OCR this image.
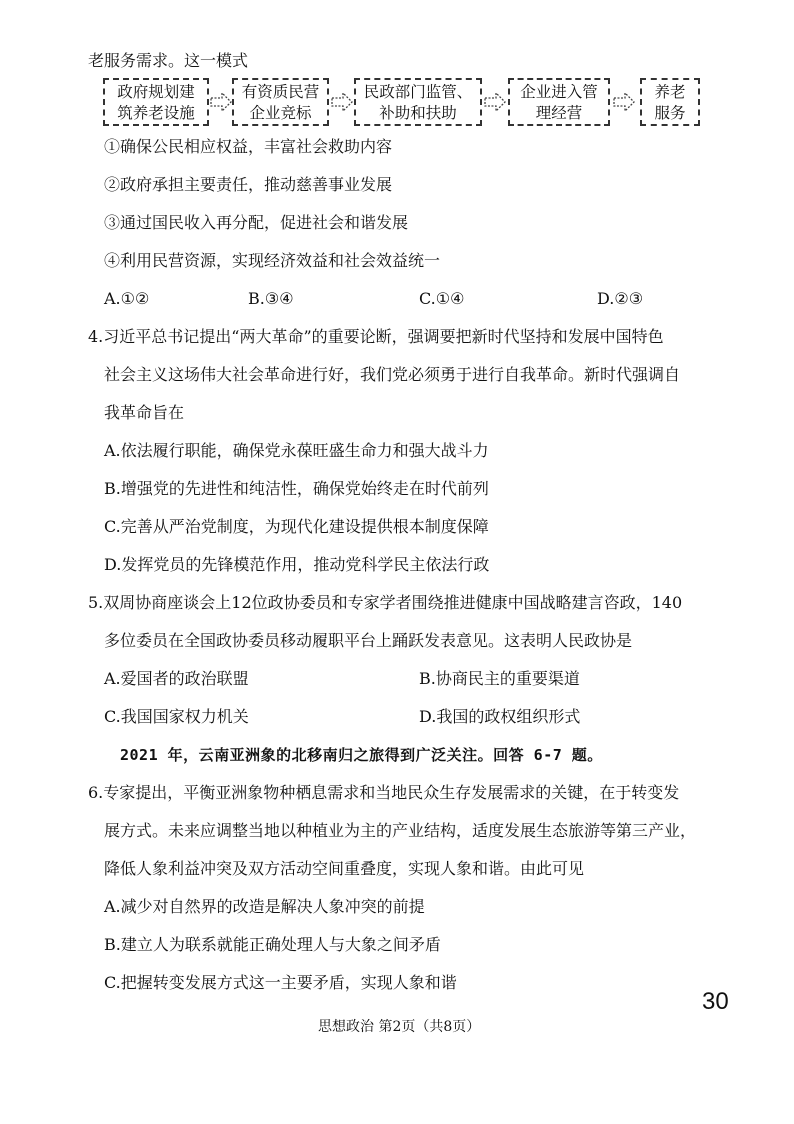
老服务需求。这一模式
政府规划建
筑养老设施
有资质民营
企业竞标
民政部门监管、
补助和扶助
企业进入管
理经营
养老
服务
①确保公民相应权益，丰富社会救助内容
②政府承担主要责任，推动慈善事业发展
③通过国民收入再分配，促进社会和谐发展
④利用民营资源，实现经济效益和社会效益统一
A.①②	B.③④	C.①④	D.②③
4.习近平总书记提出“两大革命”的重要论断，强调要把新时代坚持和发展中国特色
社会主义这场伟大社会革命进行好，我们党必须勇于进行自我革命。新时代强调自
我革命旨在
A.依法履行职能，确保党永葆旺盛生命力和强大战斗力
B.增强党的先进性和纯洁性，确保党始终走在时代前列
C.完善从严治党制度，为现代化建设提供根本制度保障
D.发挥党员的先锋模范作用，推动党科学民主依法行政
5.双周协商座谈会上12位政协委员和专家学者围绕推进健康中国战略建言咨政，140
多位委员在全国政协委员移动履职平台上踊跃发表意见。这表明人民政协是
A.爱国者的政治联盟	B.协商民主的重要渠道
C.我国国家权力机关	D.我国的政权组织形式
2021 年，云南亚洲象的北移南归之旅得到广泛关注。回答 6-7 题。
6.专家提出，平衡亚洲象物种栖息需求和当地民众生存发展需求的关键，在于转变发
展方式。未来应调整当地以种植业为主的产业结构，适度发展生态旅游等第三产业，
降低人象利益冲突及双方活动空间重叠度，实现人象和谐。由此可见
A.减少对自然界的改造是解决人象冲突的前提
B.建立人为联系就能正确处理人与大象之间矛盾
C.把握转变发展方式这一主要矛盾，实现人象和谐
30
思想政治 第2页（共8页）
